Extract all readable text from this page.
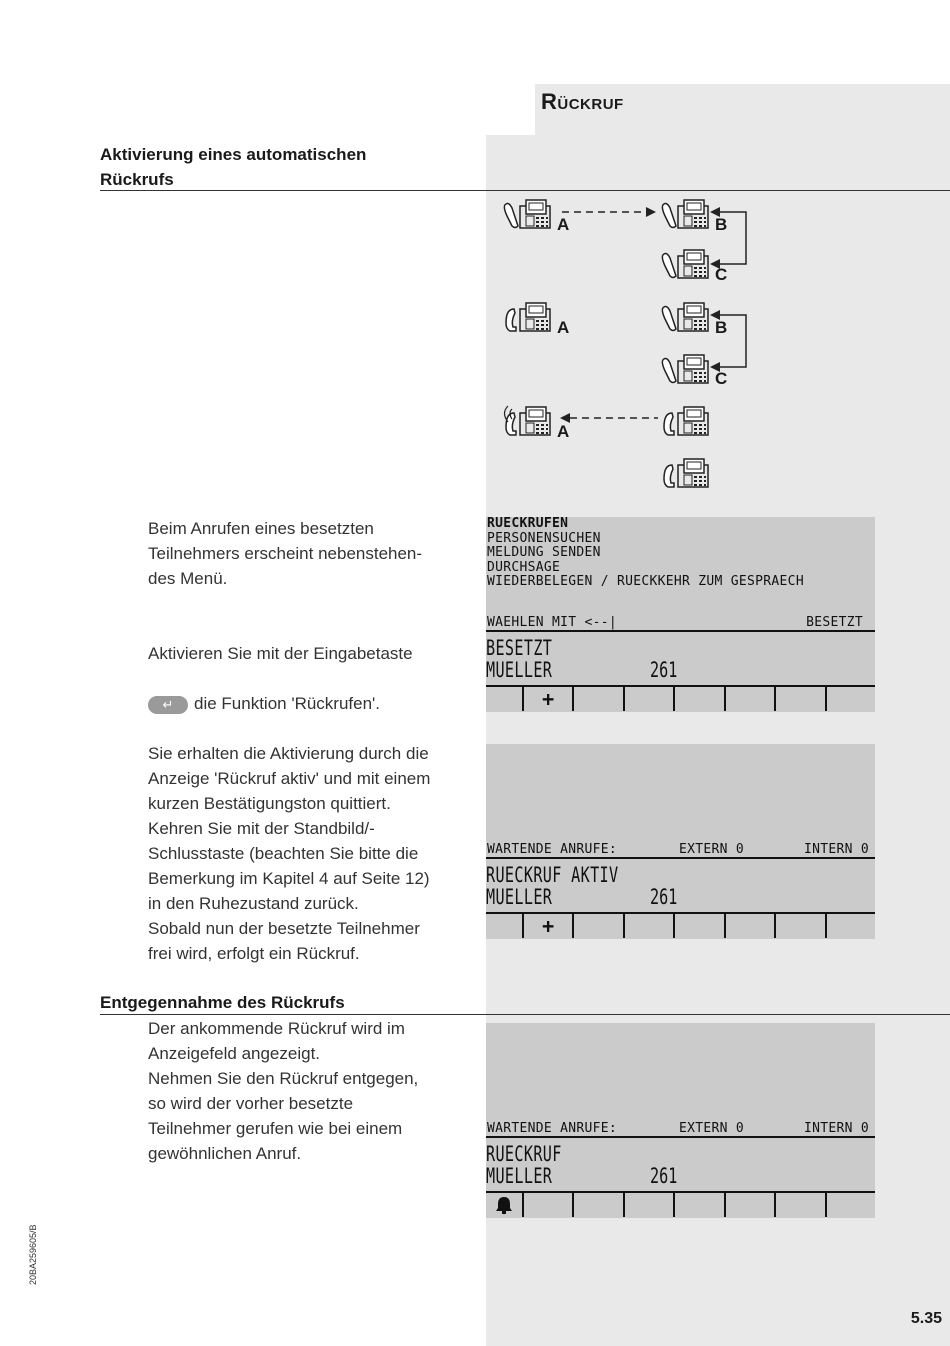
Rückruf
Aktivierung eines automatischen
Rückrufs
A	B
C
A	B
C
A

Beim Anrufen eines besetzten
Teilnehmers erscheint nebenstehen-
des Menü.

Aktivieren Sie mit der Eingabetaste

↵ die Funktion 'Rückrufen'.

RUECKRUFEN
PERSONENSUCHEN
MELDUNG SENDEN
DURCHSAGE
WIEDERBELEGEN / RUECKKEHR ZUM GESPRAECH
WAEHLEN MIT <--|	BESETZT
BESETZT
MUELLER	261
+

Sie erhalten die Aktivierung durch die
Anzeige 'Rückruf aktiv' und mit einem
kurzen Bestätigungston quittiert.
Kehren Sie mit der Standbild/-
Schlusstaste (beachten Sie bitte die
Bemerkung im Kapitel 4 auf Seite 12)
in den Ruhezustand zurück.
Sobald nun der besetzte Teilnehmer
frei wird, erfolgt ein Rückruf.

WARTENDE ANRUFE:	EXTERN 0	INTERN 0
RUECKRUF AKTIV
MUELLER	261
+
Entgegennahme des Rückrufs

Der ankommende Rückruf wird im
Anzeigefeld angezeigt.
Nehmen Sie den Rückruf entgegen,
so wird der vorher besetzte
Teilnehmer gerufen wie bei einem
gewöhnlichen Anruf.

WARTENDE ANRUFE:	EXTERN 0	INTERN 0
RUECKRUF
MUELLER	261
20BA259605/B
5.35
